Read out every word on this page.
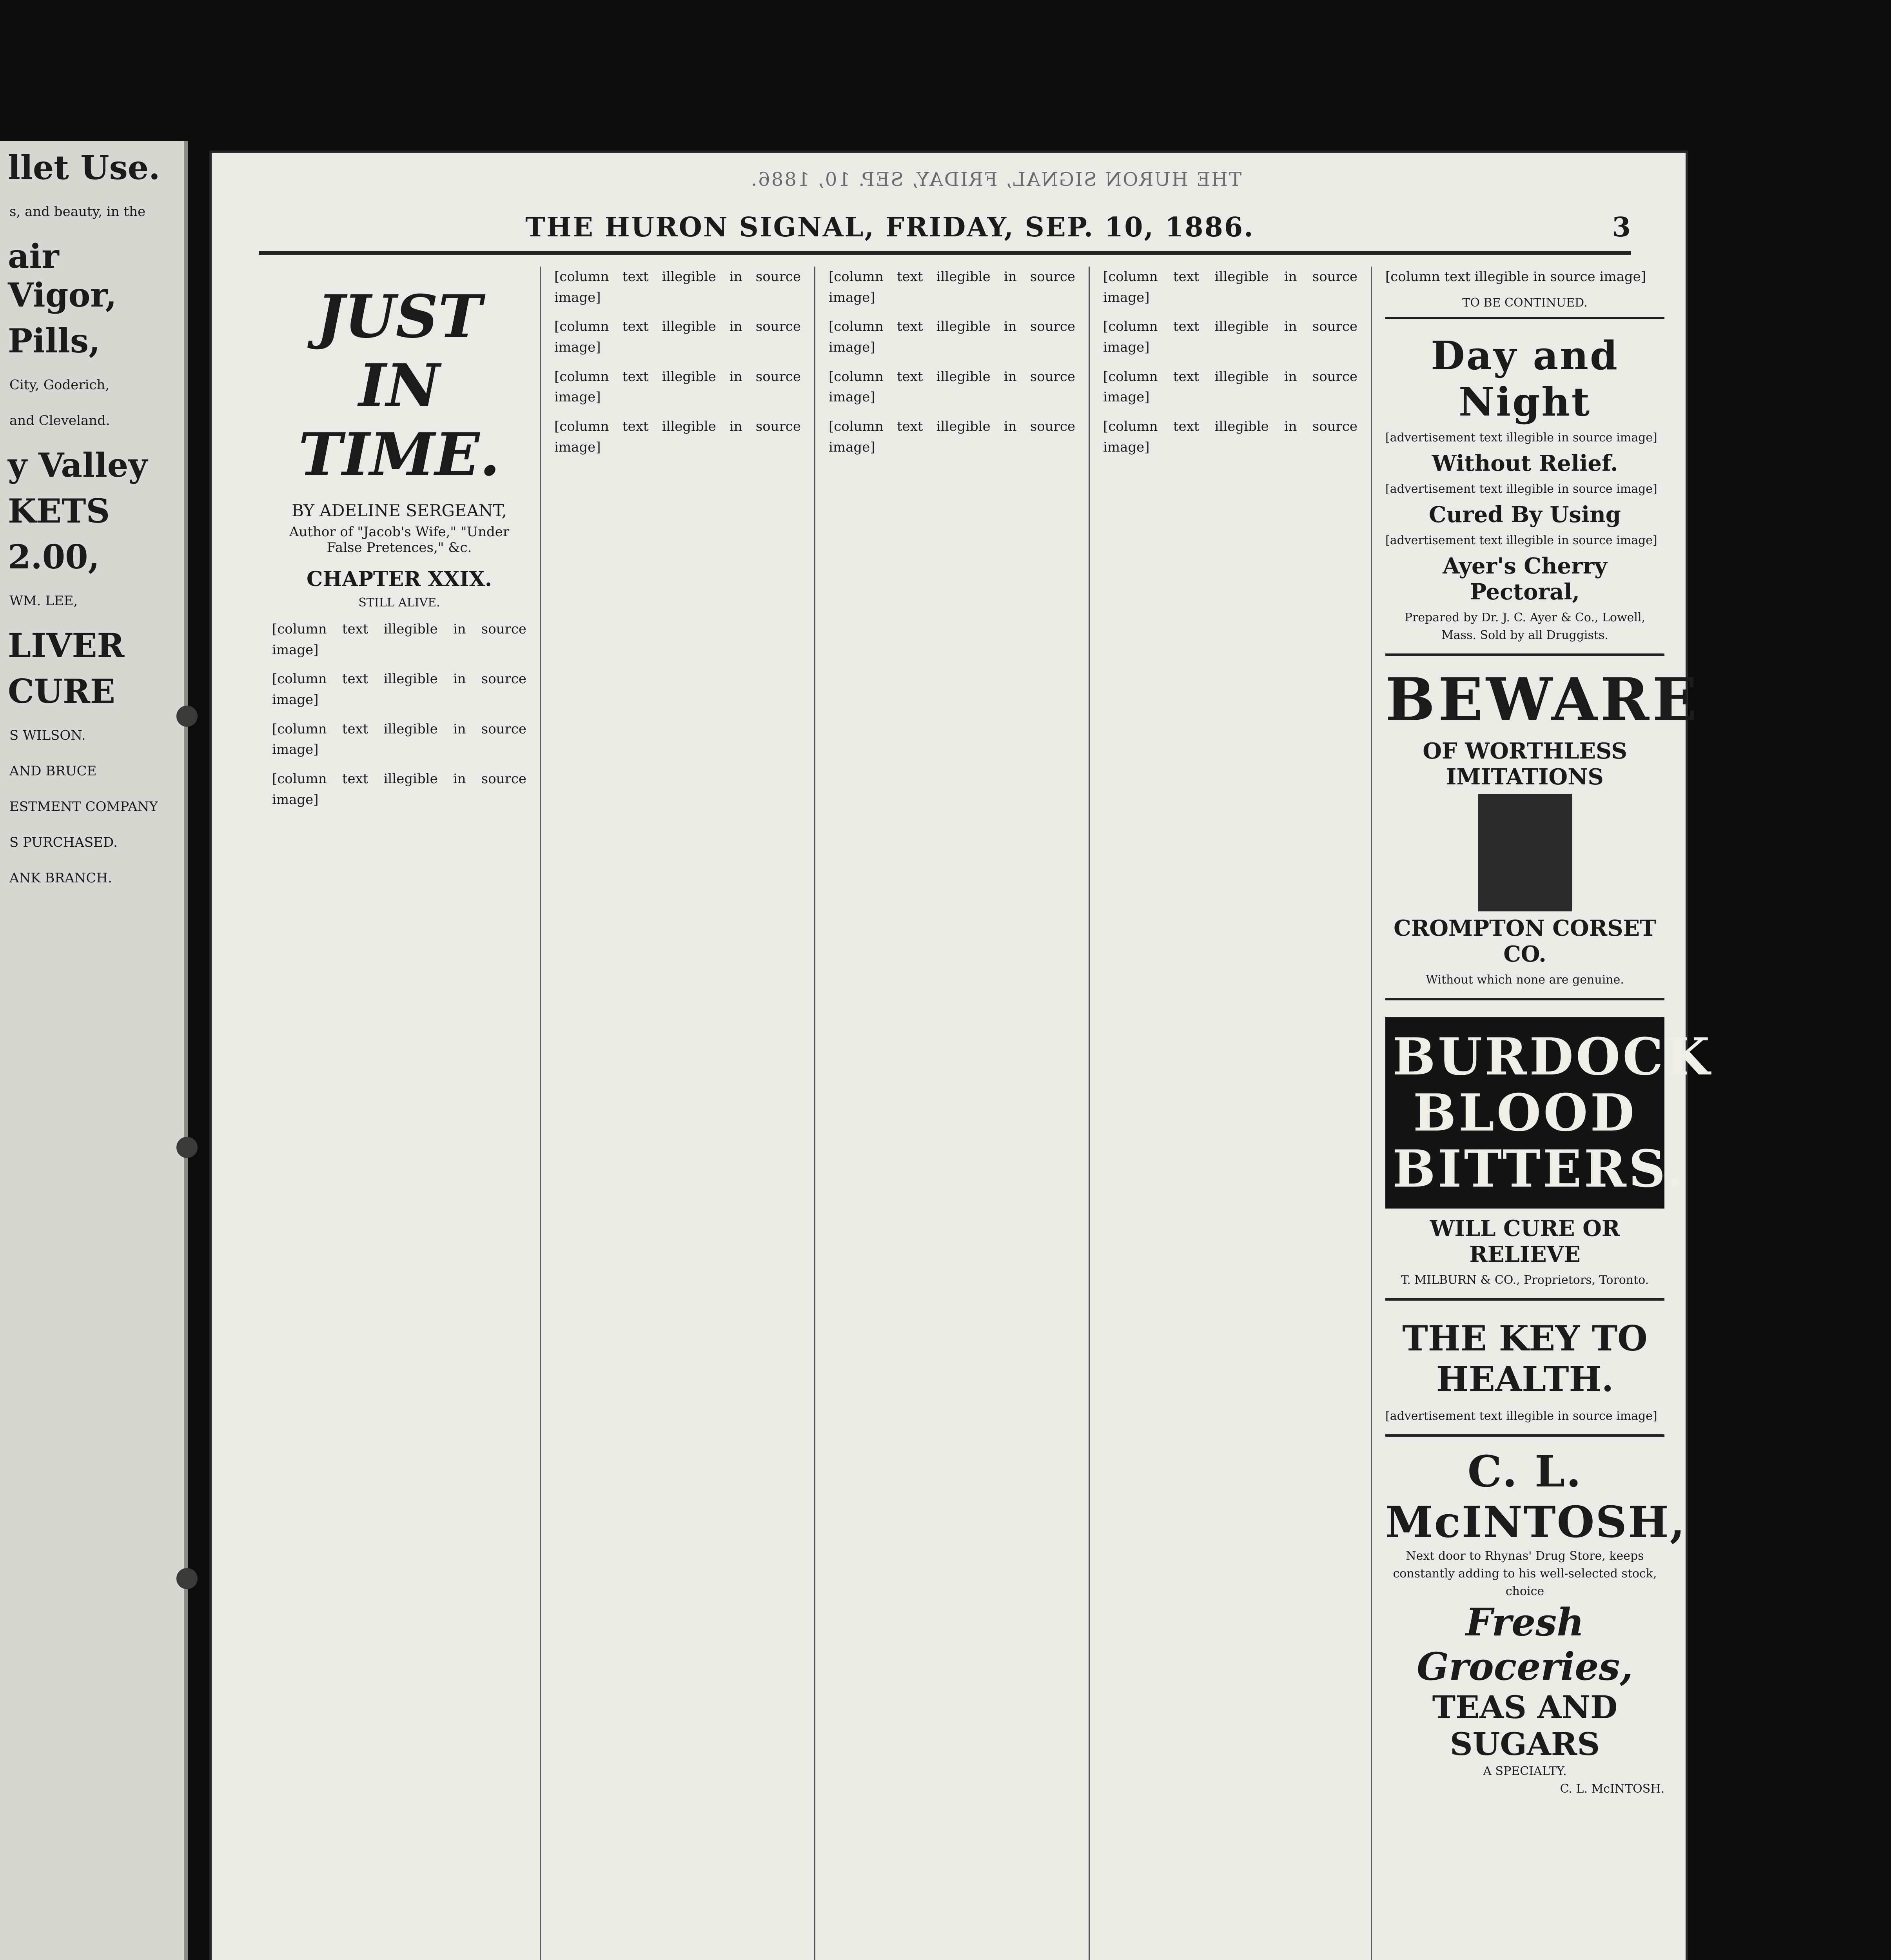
llet Use.
s, and beauty, in the
air Vigor,
Pills,
City, Goderich,
and Cleveland.
y Valley
KETS
2.00,
WM. LEE,
LIVER
CURE
S WILSON.
AND BRUCE
ESTMENT COMPANY
S PURCHASED.
ANK BRANCH.
THE HURON SIGNAL, FRIDAY, SEP. 10, 1886.
THE HURON SIGNAL, FRIDAY, SEP. 10, 1886.	3
JUST IN TIME.
BY ADELINE SERGEANT,
Author of "Jacob's Wife," "Under False Pretences," &c.
CHAPTER XXIX.
STILL ALIVE.

[column text illegible in source image]

[column text illegible in source image]

[column text illegible in source image]

[column text illegible in source image]

[column text illegible in source image]

[column text illegible in source image]

[column text illegible in source image]

[column text illegible in source image]

[column text illegible in source image]

[column text illegible in source image]

[column text illegible in source image]

[column text illegible in source image]

[column text illegible in source image]

[column text illegible in source image]

[column text illegible in source image]

[column text illegible in source image]

[column text illegible in source image]

TO BE CONTINUED.
Day and Night
[advertisement text illegible in source image]
Without Relief.
[advertisement text illegible in source image]
Cured By Using
[advertisement text illegible in source image]
Ayer's Cherry Pectoral,
Prepared by Dr. J. C. Ayer & Co., Lowell, Mass. Sold by all Druggists.
BEWARE
OF WORTHLESS IMITATIONS
CROMPTON CORSET CO.
Without which none are genuine.
BURDOCK
BLOOD
BITTERS.
WILL CURE OR RELIEVE
T. MILBURN & CO., Proprietors, Toronto.
THE KEY TO HEALTH.
[advertisement text illegible in source image]
C. L. McINTOSH,
Next door to Rhynas' Drug Store, keeps constantly adding to his well-selected stock, choice
Fresh Groceries,
TEAS AND SUGARS
A SPECIALTY.
C. L. McINTOSH.
